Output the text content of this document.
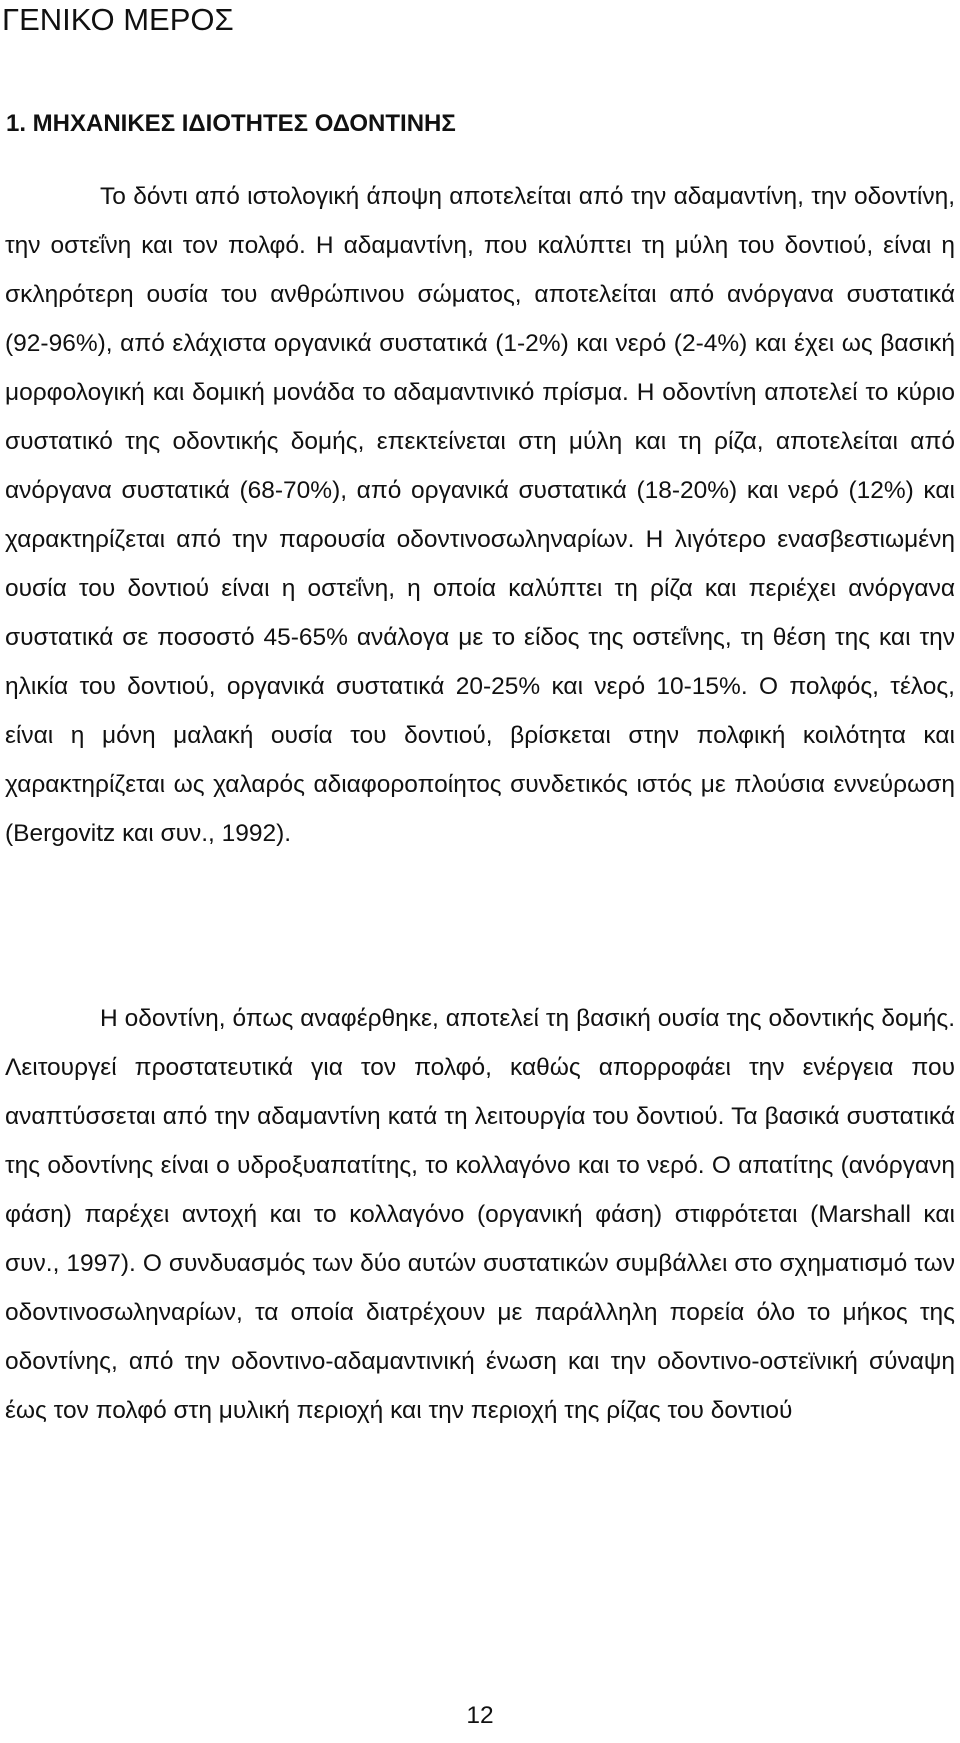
ΓΕΝΙΚΟ ΜΕΡΟΣ
1. ΜΗΧΑΝΙΚΕΣ ΙΔΙΟΤΗΤΕΣ ΟΔΟΝΤΙΝΗΣ

Το δόντι από ιστολογική άποψη αποτελείται από την αδαμαντίνη, την οδοντίνη, την οστεΐνη και τον πολφό. Η αδαμαντίνη, που καλύπτει τη μύλη του δοντιού, είναι η σκληρότερη ουσία του ανθρώπινου σώματος, αποτελείται από ανόργανα συστατικά (92-96%), από ελάχιστα οργανικά συστατικά (1-2%) και νερό (2-4%) και έχει ως βασική μορφολογική και δομική μονάδα το αδαμαντινικό πρίσμα. Η οδοντίνη αποτελεί το κύριο συστατικό της οδοντικής δομής, επεκτείνεται στη μύλη και τη ρίζα, αποτελείται από ανόργανα συστατικά (68-70%), από οργανικά συστατικά (18-20%) και νερό (12%) και χαρακτηρίζεται από την παρουσία οδοντινοσωληναρίων. Η λιγότερο ενασβεστιωμένη ουσία του δοντιού είναι η οστεΐνη, η οποία καλύπτει τη ρίζα και περιέχει ανόργανα συστατικά σε ποσοστό 45-65% ανάλογα με το είδος της οστεΐνης, τη θέση της και την ηλικία του δοντιού, οργανικά συστατικά 20-25% και νερό 10-15%. Ο πολφός, τέλος, είναι η μόνη μαλακή ουσία του δοντιού, βρίσκεται στην πολφική κοιλότητα και χαρακτηρίζεται ως χαλαρός αδιαφοροποίητος συνδετικός ιστός με πλούσια εννεύρωση (Bergovitz και συν., 1992).

Η οδοντίνη, όπως αναφέρθηκε, αποτελεί τη βασική ουσία της οδοντικής δομής. Λειτουργεί προστατευτικά για τον πολφό, καθώς απορροφάει την ενέργεια που αναπτύσσεται από την αδαμαντίνη κατά τη λειτουργία του δοντιού. Τα βασικά συστατικά της οδοντίνης είναι ο υδροξυαπατίτης, το κολλαγόνο και το νερό. Ο απατίτης (ανόργανη φάση) παρέχει αντοχή και το κολλαγόνο (οργανική φάση) στιφρότεται (Marshall και συν., 1997). Ο συνδυασμός των δύο αυτών συστατικών συμβάλλει στο σχηματισμό των οδοντινοσωληναρίων, τα οποία διατρέχουν με παράλληλη πορεία όλο το μήκος της οδοντίνης, από την οδοντινο-αδαμαντινική ένωση και την οδοντινο-οστεϊνική σύναψη έως τον πολφό στη μυλική περιοχή και την περιοχή της ρίζας του δοντιού

12
